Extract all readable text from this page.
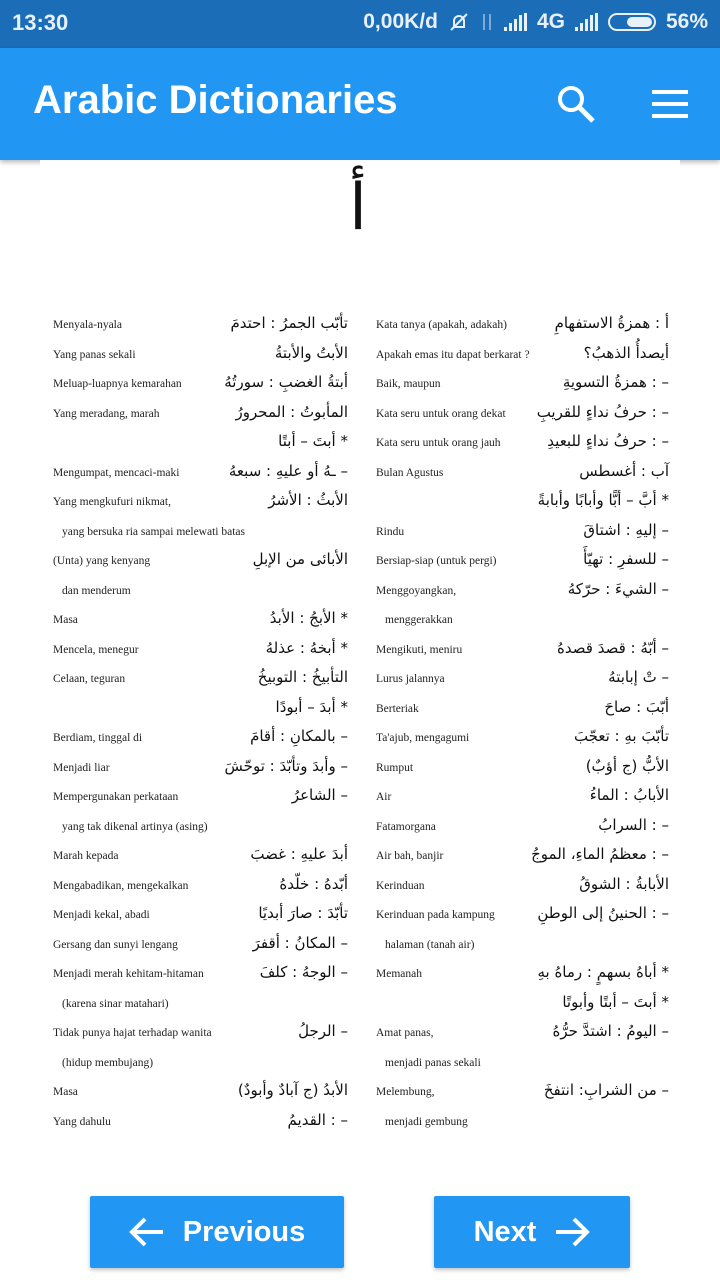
13:30	0,00K/d	4G	56%
Arabic Dictionaries
أ
Menyala-nyala	تأبّب الجمرُ : احتدمَ
Yang panas sekali	الأبتُ والأبتةُ
Meluap-luapnya kemarahan	أبتةُ الغضبِ : سورتُهُ
Yang meradang, marah	المأبوتُ : المحرورُ
* أبتَ – أبتًا
Mengumpat, mencaci-maki	– ـهُ أو عليهِ : سبعهُ
Yang mengkufuri nikmat,	الأبثُ : الأشرُ
yang bersuka ria sampai melewati batas
(Unta) yang kenyang	الأبائى من الإبلِ
dan menderum
Masa	* الأبجُ : الأبدُ
Mencela, menegur	* أبخهُ : عذلهُ
Celaan, teguran	التأبيخُ : التوبيخُ
* أبدَ – أبودًا
Berdiam, tinggal di	– بالمكانِ : أقامَ
Menjadi liar	– وأبدَ وتأبّدَ : توحّشَ
Mempergunakan perkataan	– الشاعرُ
yang tak dikenal artinya (asing)
Marah kepada	أبدَ عليهِ : غضبَ
Mengabadikan, mengekalkan	أبّدهُ : خلّدهُ
Menjadi kekal, abadi	تأبّدَ : صارَ أبديًا
Gersang dan sunyi lengang	– المكانُ : أقفرَ
Menjadi merah kehitam-hitaman	– الوجهُ : كلفَ
(karena sinar matahari)
Tidak punya hajat terhadap wanita	– الرجلُ
(hidup membujang)
Masa	الأبدُ (ج آبادٌ وأبودٌ)
Yang dahulu	– : القديمُ
Kata tanya (apakah, adakah)	أ : همزةُ الاستفهامِ
Apakah emas itu dapat berkarat ?	أيصدأُ الذهبُ؟
Baik, maupun	– : همزةُ التسويةِ
Kata seru untuk orang dekat – : حرفُ نداءٍ للقريبِ
Kata seru untuk orang jauh	– : حرفُ نداءٍ للبعيدِ
Bulan Agustus	آب : أغسطس
* أبَّ – أبًّا وأبابًا وأبابةً
Rindu	– إليهِ : اشتاقَ
Bersiap-siap (untuk pergi)	– للسفرِ : تهيّأَ
Menggoyangkan,	– الشيءَ : حرّكهُ
menggerakkan
Mengikuti, meniru	– أبّهُ : قصدَ قصدهُ
Lurus jalannya	– تْ إبابتهُ
Berteriak	أبّبَ : صاحَ
Ta'ajub, mengagumi	تأبّبَ بهِ : تعجّبَ
Rumput	الأبُّ (ج أؤبٌ)
Air	الأبابُ : الماءُ
Fatamorgana	– : السرابُ
Air bah, banjir	– : معظمُ الماءِ، الموجُ
Kerinduan	الأبابةُ : الشوقُ
Kerinduan pada kampung	– : الحنينُ إلى الوطنِ
halaman (tanah air)
Memanah	* أباهُ بسهمٍ : رماهُ بهِ
* أبتَ – أبتًا وأبوتًا
Amat panas,	– اليومُ : اشتدَّ حرُّهُ
menjadi panas sekali
Melembung,	– من الشرابِ: انتفخَ
menjadi gembung
Previous	Next
